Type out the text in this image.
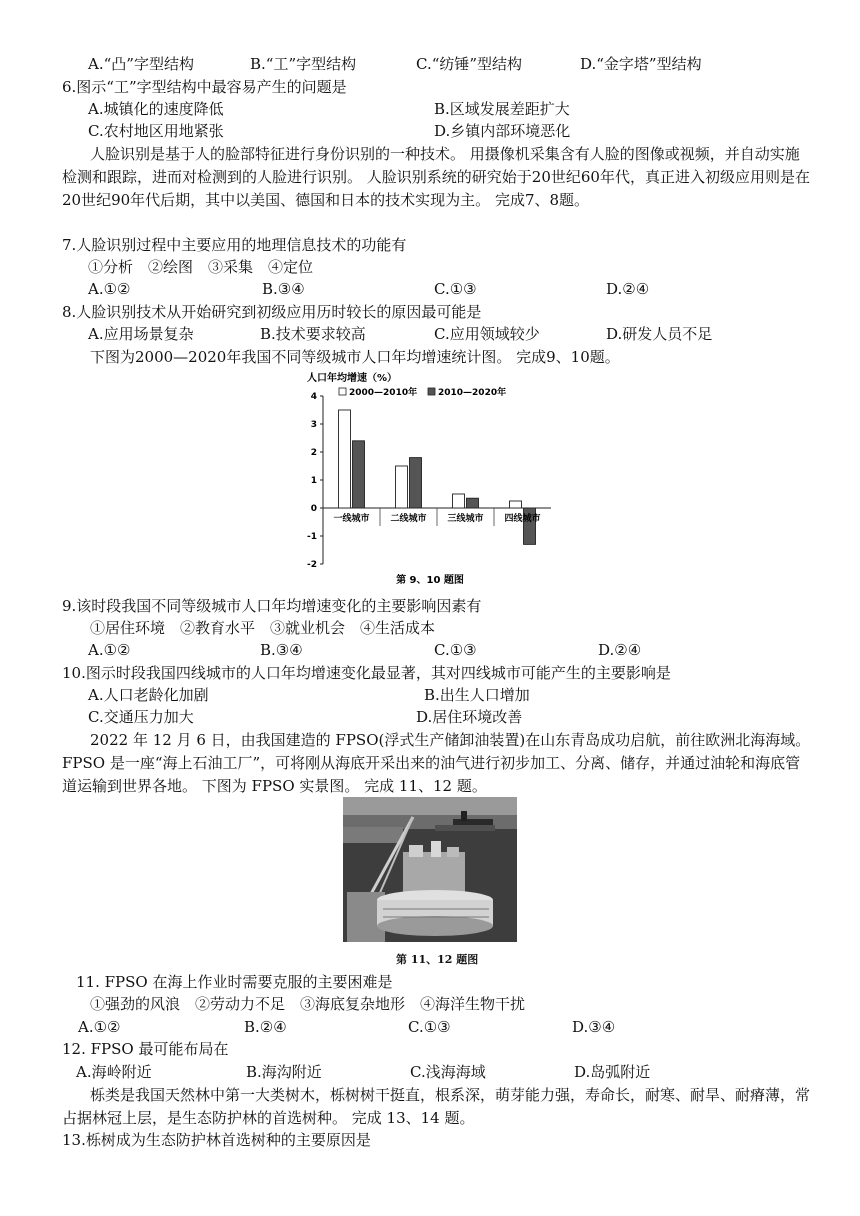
A.“凸”字型结构	B.“工”字型结构	C.“纺锤”型结构	D.“金字塔”型结构
6.图示“工”字型结构中最容易产生的问题是
A.城镇化的速度降低	B.区域发展差距扩大
C.农村地区用地紧张	D.乡镇内部环境恶化
人脸识别是基于人的脸部特征进行身份识别的一种技术。 用摄像机采集含有人脸的图像或视频，并自动实施检测和跟踪，进而对检测到的人脸进行识别。 人脸识别系统的研究始于20世纪60年代，真正进入初级应用则是在20世纪90年代后期，其中以美国、德国和日本的技术实现为主。 完成7、8题。
7.人脸识别过程中主要应用的地理信息技术的功能有
①分析　②绘图　③采集　④定位
A.①②	B.③④	C.①③	D.②④
8.人脸识别技术从开始研究到初级应用历时较长的原因最可能是
A.应用场景复杂	B.技术要求较高	C.应用领域较少	D.研发人员不足
下图为2000—2020年我国不同等级城市人口年均增速统计图。 完成9、10题。
人口年均增速（%）
2000—2010年 2010—2020年
4
3
2
1
0
-1
-2
一线城市 二线城市 三线城市 四线城市
第 9、10 题图
9.该时段我国不同等级城市人口年均增速变化的主要影响因素有
①居住环境　②教育水平　③就业机会　④生活成本
A.①②	B.③④	C.①③	D.②④
10.图示时段我国四线城市的人口年均增速变化最显著，其对四线城市可能产生的主要影响是
A.人口老龄化加剧	B.出生人口增加
C.交通压力加大	D.居住环境改善
2022 年 12 月 6 日，由我国建造的 FPSO(浮式生产储卸油装置)在山东青岛成功启航，前往欧洲北海海域。 FPSO 是一座“海上石油工厂”，可将刚从海底开采出来的油气进行初步加工、分离、储存，并通过油轮和海底管道运输到世界各地。 下图为 FPSO 实景图。 完成 11、12 题。
第 11、12 题图
11. FPSO 在海上作业时需要克服的主要困难是
①强劲的风浪　②劳动力不足　③海底复杂地形　④海洋生物干扰
A.①②	B.②④	C.①③	D.③④
12. FPSO 最可能布局在
A.海岭附近	B.海沟附近	C.浅海海域	D.岛弧附近
栎类是我国天然林中第一大类树木，栎树树干挺直，根系深，萌芽能力强，寿命长，耐寒、耐旱、耐瘠薄，常占据林冠上层，是生态防护林的首选树种。 完成 13、14 题。
13.栎树成为生态防护林首选树种的主要原因是
